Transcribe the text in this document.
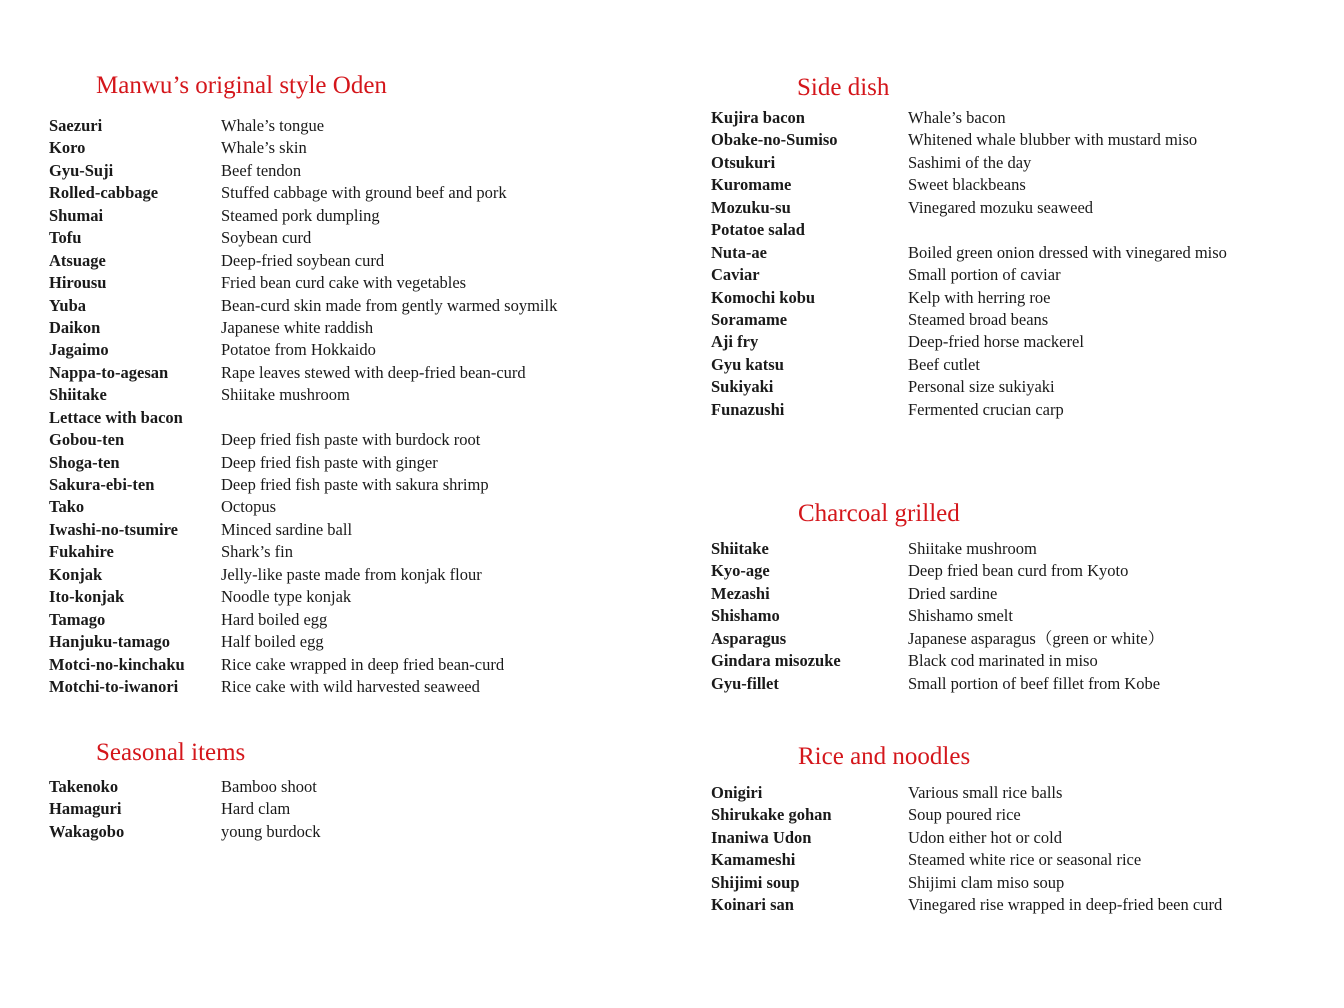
Manwu’s original style Oden
Saezuri	Whale’s tongue
Koro	Whale’s skin
Gyu-Suji	Beef tendon
Rolled-cabbage	Stuffed cabbage with ground beef and pork
Shumai	Steamed pork dumpling
Tofu	Soybean curd
Atsuage	Deep-fried soybean curd
Hirousu	Fried bean curd cake with vegetables
Yuba	Bean-curd skin made from gently warmed soymilk
Daikon	Japanese white raddish
Jagaimo	Potatoe from Hokkaido
Nappa-to-agesan	Rape leaves stewed with deep-fried bean-curd
Shiitake	Shiitake mushroom
Lettace with bacon
Gobou-ten	Deep fried fish paste with burdock root
Shoga-ten	Deep fried fish paste with ginger
Sakura-ebi-ten	Deep fried fish paste with sakura shrimp
Tako	Octopus
Iwashi-no-tsumire	Minced sardine ball
Fukahire	Shark’s fin
Konjak	Jelly-like paste made from konjak flour
Ito-konjak	Noodle type konjak
Tamago	Hard boiled egg
Hanjuku-tamago	Half boiled egg
Motci-no-kinchaku Rice cake wrapped in deep fried bean-curd
Motchi-to-iwanori	Rice cake with wild harvested seaweed
Seasonal items
Takenoko	Bamboo shoot
Hamaguri	Hard clam
Wakagobo	young burdock
Side dish
Kujira bacon	Whale’s bacon
Obake-no-Sumiso	Whitened whale blubber with mustard miso
Otsukuri	Sashimi of the day
Kuromame	Sweet blackbeans
Mozuku-su	Vinegared mozuku seaweed
Potatoe salad
Nuta-ae	Boiled green onion dressed with vinegared miso
Caviar	Small portion of caviar
Komochi kobu	Kelp with herring roe
Soramame	Steamed broad beans
Aji fry	Deep-fried horse mackerel
Gyu katsu	Beef cutlet
Sukiyaki	Personal size sukiyaki
Funazushi	Fermented crucian carp
Charcoal grilled
Shiitake	Shiitake mushroom
Kyo-age	Deep fried bean curd from Kyoto
Mezashi	Dried sardine
Shishamo	Shishamo smelt
Asparagus	Japanese asparagus（green or white）
Gindara misozuke	Black cod marinated in miso
Gyu-fillet	Small portion of beef fillet from Kobe
Rice and noodles
Onigiri	Various small rice balls
Shirukake gohan	Soup poured rice
Inaniwa Udon	Udon either hot or cold
Kamameshi	Steamed white rice or seasonal rice
Shijimi soup	Shijimi clam miso soup
Koinari san	Vinegared rise wrapped in deep-fried been curd
